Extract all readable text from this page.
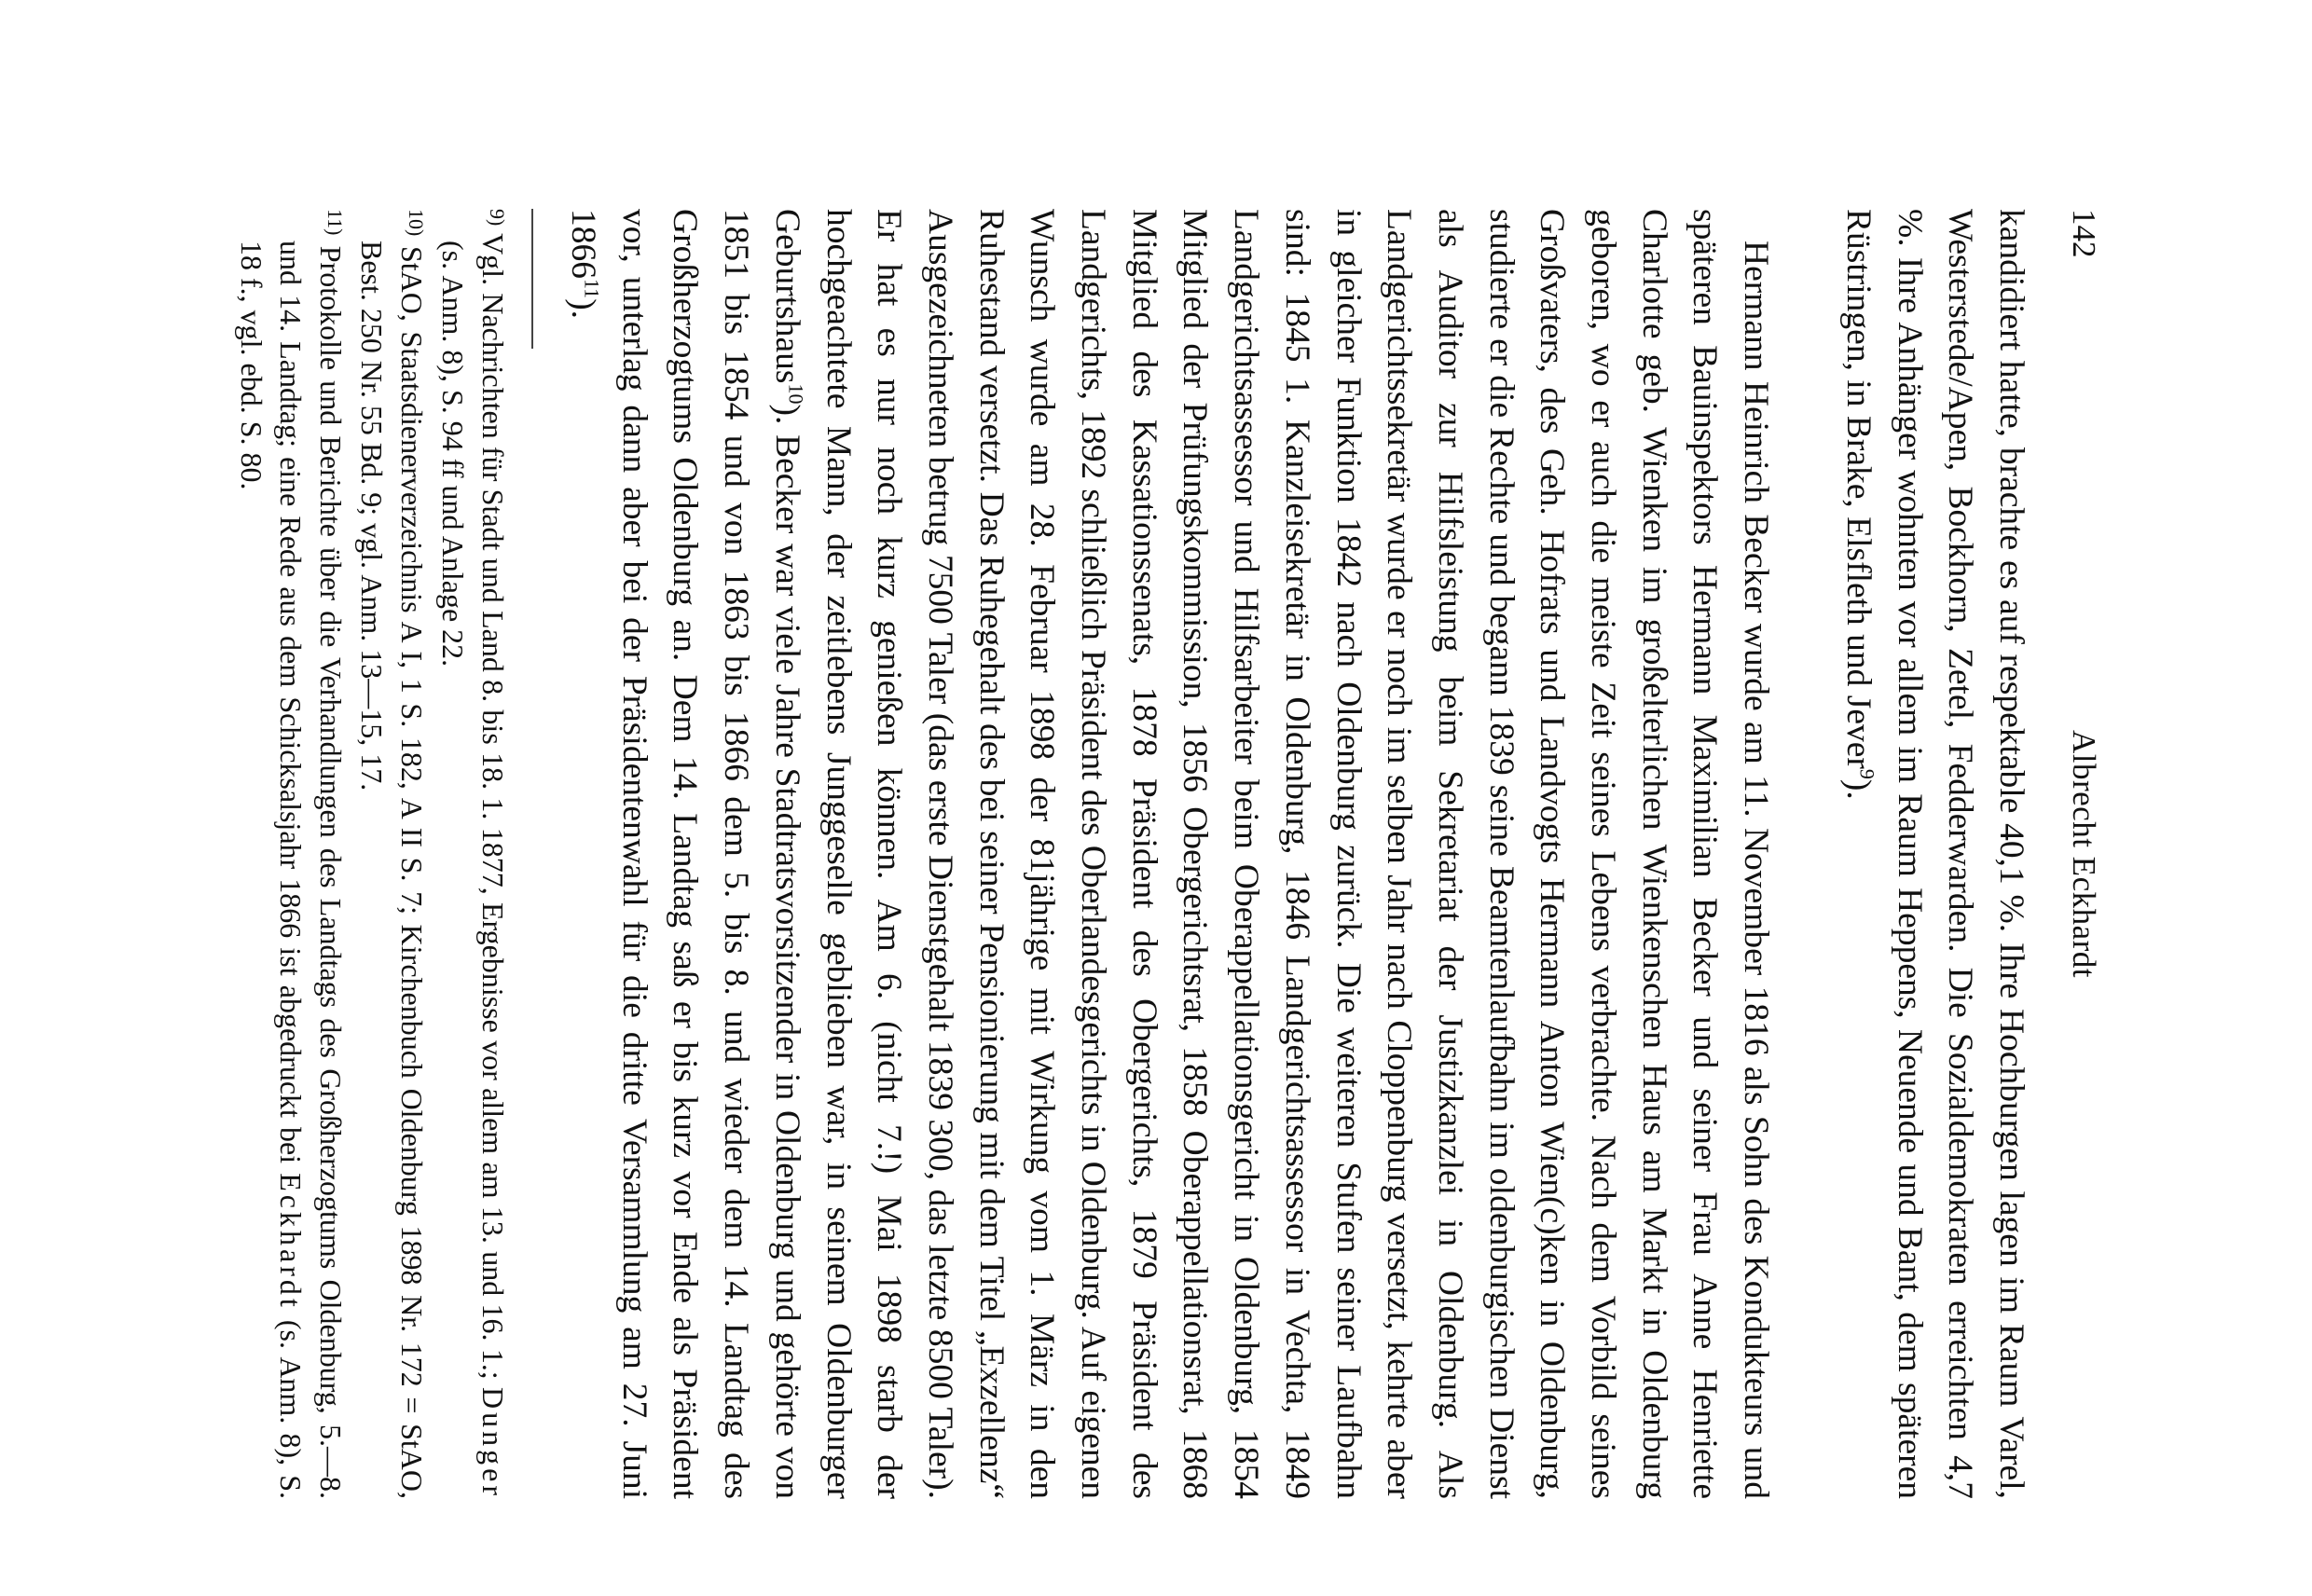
142
Albrecht Eckhardt

kandidiert hatte, brachte es auf respektable 40,1 %. Ihre Hochburgen lagen im Raum Varel, Westerstede/Apen, Bockhorn, Zetel, Fedderwarden. Die Sozialdemokraten erreichten 4,7 %. Ihre Anhänger wohnten vor allem im Raum Heppens, Neuende und Bant, dem späteren Rüstringen, in Brake, Elsfleth und Jever$^9$).

Hermann Heinrich Becker wurde am 11. November 1816 als Sohn des Kondukteurs und späteren Bauinspektors Hermann Maximilian Becker und seiner Frau Anne Henriette Charlotte geb. Wienken im großelterlichen Wienkenschen Haus am Markt in Oldenburg geboren, wo er auch die meiste Zeit seines Lebens verbrachte. Nach dem Vorbild seines Großvaters, des Geh. Hofrats und Landvogts Hermann Anton Wien(c)ken in Oldenburg, studierte er die Rechte und begann 1839 seine Beamtenlaufbahn im oldenburgischen Dienst als Auditor zur Hilfsleistung beim Sekretariat der Justizkanzlei in Oldenburg. Als Landgerichtssekretär wurde er noch im selben Jahr nach Cloppenburg versetzt, kehrte aber in gleicher Funktion 1842 nach Oldenburg zurück. Die weiteren Stufen seiner Laufbahn sind: 1845 1. Kanzleisekretär in Oldenburg, 1846 Landgerichtsassessor in Vechta, 1849 Landgerichtsassessor und Hilfsarbeiter beim Oberappellationsgericht in Oldenburg, 1854 Mitglied der Prüfungskommission, 1856 Obergerichtsrat, 1858 Oberappellationsrat, 1868 Mitglied des Kassationssenats, 1878 Präsident des Obergerichts, 1879 Präsident des Landgerichts, 1892 schließlich Präsident des Oberlandesgerichts in Oldenburg. Auf eigenen Wunsch wurde am 28. Februar 1898 der 81jährige mit Wirkung vom 1. März in den Ruhestand versetzt. Das Ruhegehalt des bei seiner Pensionierung mit dem Titel „Exzellenz“ Ausgezeichneten betrug 7500 Taler (das erste Dienstgehalt 1839 300, das letzte 8500 Taler). Er hat es nur noch kurz genießen können. Am 6. (nicht 7.!) Mai 1898 starb der hochgeachtete Mann, der zeitlebens Junggeselle geblieben war, in seinem Oldenburger Geburtshaus$^{10}$). Becker war viele Jahre Stadtratsvorsitzender in Oldenburg und gehörte von 1851 bis 1854 und von 1863 bis 1866 dem 5. bis 8. und wieder dem 14. Landtag des Großherzogtums Oldenburg an. Dem 14. Landtag saß er bis kurz vor Ende als Präsident vor, unterlag dann aber bei der Präsidentenwahl für die dritte Versammlung am 27. Juni 1866$^{11}$).

$^{9)}$ Vgl. Nachrichten für Stadt und Land 8. bis 18. 1. 1877, Ergebnisse vor allem am 13. und 16. 1.; Dunger (s. Anm. 8), S. 94 ff und Anlage 22.
$^{10)}$ StAO, Staatsdienerverzeichnis A I, 1 S. 182, A II S. 7; Kirchenbuch Oldenburg 1898 Nr. 172 = StAO, Best. 250 Nr. 55 Bd. 9; vgl. Anm. 13—15, 17.
$^{11)}$ Protokolle und Berichte über die Verhandlungen des Landtags des Großherzogtums Oldenburg, 5.—8. und 14. Landtag; eine Rede aus dem Schicksalsjahr 1866 ist abgedruckt bei Eckhardt (s. Anm. 8), S. 18 f., vgl. ebd. S. 80.
